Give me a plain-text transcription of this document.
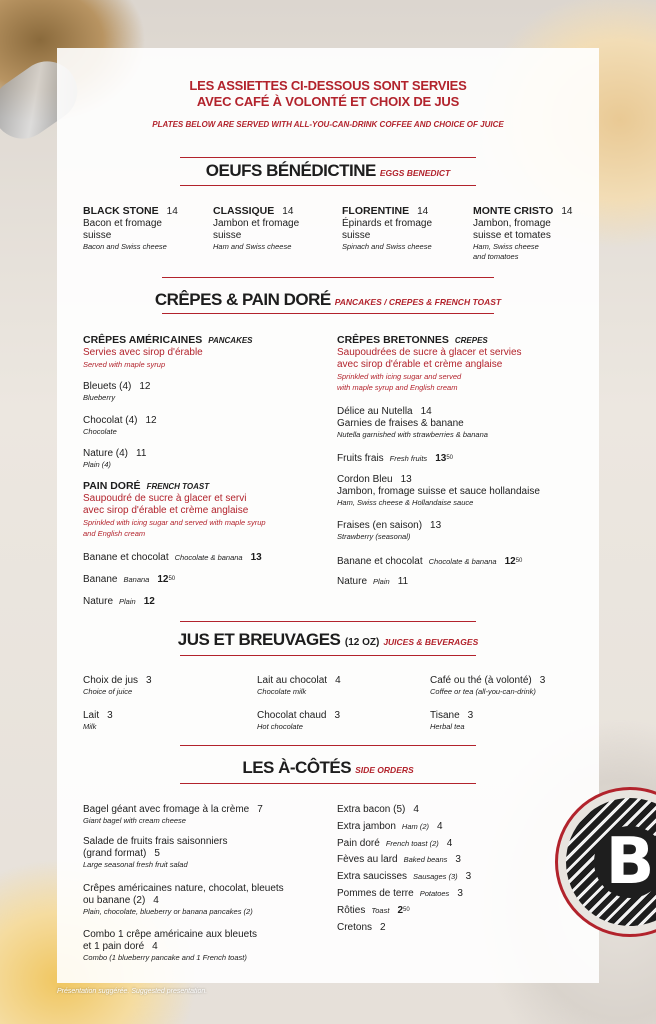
LES ASSIETTES CI-DESSOUS SONT SERVIES
AVEC CAFÉ À VOLONTÉ ET CHOIX DE JUS
PLATES BELOW ARE SERVED WITH ALL-YOU-CAN-DRINK COFFEE AND CHOICE OF JUICE
OEUFS BÉNÉDICTINE EGGS BENEDICT
BLACK STONE 14
Bacon et fromage
suisse
Bacon and Swiss cheese
CLASSIQUE 14
Jambon et fromage
suisse
Ham and Swiss cheese
FLORENTINE 14
Épinards et fromage
suisse
Spinach and Swiss cheese
MONTE CRISTO 14
Jambon, fromage
suisse et tomates
Ham, Swiss cheese
and tomatoes
CRÊPES & PAIN DORÉ PANCAKES / CREPES & FRENCH TOAST
CRÊPES AMÉRICAINES PANCAKES
Servies avec sirop d'érable
Served with maple syrup
Bleuets (4) 12
Blueberry
Chocolat (4) 12
Chocolate
Nature (4) 11
Plain (4)
PAIN DORÉ FRENCH TOAST
Saupoudré de sucre à glacer et servi
avec sirop d'érable et crème anglaise
Sprinkled with icing sugar and served with maple syrup
and English cream
Banane et chocolat Chocolate & banana 13
Banane Banana $12^{50}$
Nature Plain 12
CRÊPES BRETONNES CREPES
Saupoudrées de sucre à glacer et servies
avec sirop d'érable et crème anglaise
Sprinkled with icing sugar and served
with maple syrup and English cream
Délice au Nutella 14
Garnies de fraises & banane
Nutella garnished with strawberries & banana
Fruits frais Fresh fruits $13^{50}$
Cordon Bleu 13
Jambon, fromage suisse et sauce hollandaise
Ham, Swiss cheese & Hollandaise sauce
Fraises (en saison) 13
Strawberry (seasonal)
Banane et chocolat Chocolate & banana $12^{50}$
Nature Plain 11
JUS ET BREUVAGES (12 OZ) JUICES & BEVERAGES
Choix de jus 3
Choice of juice
Lait au chocolat 4
Chocolate milk
Café ou thé (à volonté) 3
Coffee or tea (all-you-can-drink)
Lait 3
Milk
Chocolat chaud 3
Hot chocolate
Tisane 3
Herbal tea
LES À-CÔTÉS SIDE ORDERS
Bagel géant avec fromage à la crème 7
Giant bagel with cream cheese
Salade de fruits frais saisonniers
(grand format) 5
Large seasonal fresh fruit salad
Crêpes américaines nature, chocolat, bleuets
ou banane (2) 4
Plain, chocolate, blueberry or banana pancakes (2)
Combo 1 crêpe américaine aux bleuets
et 1 pain doré 4
Combo (1 blueberry pancake and 1 French toast)
Extra bacon (5) 4
Extra jambon Ham (2) 4
Pain doré French toast (2) 4
Fèves au lard Baked beans 3
Extra saucisses Sausages (3) 3
Pommes de terre Potatoes 3
Rôties Toast $2^{50}$
Cretons 2
B
Présentation suggérée. Suggested presentation.
